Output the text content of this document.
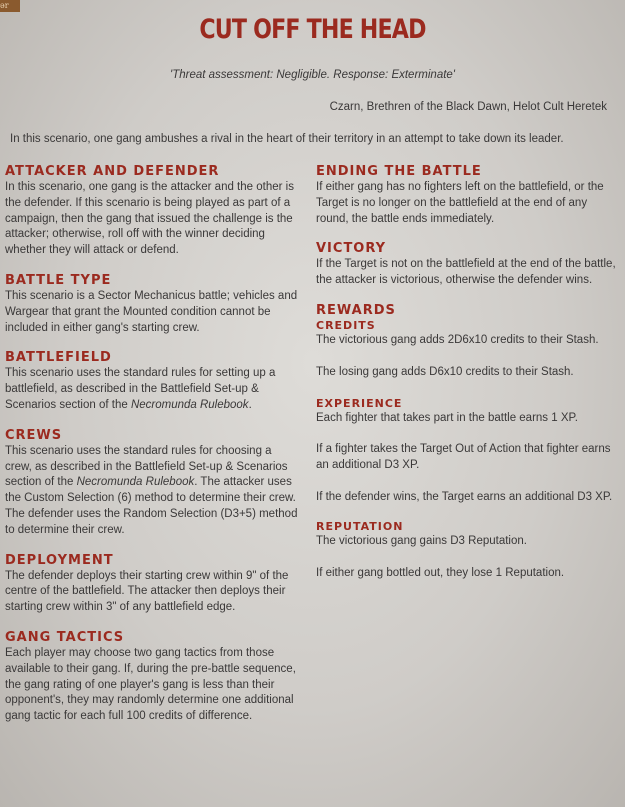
ər
CUT OFF THE HEAD

'Threat assessment: Negligible. Response: Exterminate'

Czarn, Brethren of the Black Dawn, Helot Cult Heretek

In this scenario, one gang ambushes a rival in the heart of their territory in an attempt to take down its leader.

ATTACKER AND DEFENDER

In this scenario, one gang is the attacker and the other is the defender. If this scenario is being played as part of a campaign, then the gang that issued the challenge is the attacker; otherwise, roll off with the winner deciding whether they will attack or defend.

BATTLE TYPE

This scenario is a Sector Mechanicus battle; vehicles and Wargear that grant the Mounted condition cannot be included in either gang's starting crew.

BATTLEFIELD

This scenario uses the standard rules for setting up a battlefield, as described in the Battlefield Set-up & Scenarios section of the Necromunda Rulebook.

CREWS

This scenario uses the standard rules for choosing a crew, as described in the Battlefield Set-up & Scenarios section of the Necromunda Rulebook. The attacker uses the Custom Selection (6) method to determine their crew. The defender uses the Random Selection (D3+5) method to determine their crew.

DEPLOYMENT

The defender deploys their starting crew within 9" of the centre of the battlefield. The attacker then deploys their starting crew within 3" of any battlefield edge.

GANG TACTICS

Each player may choose two gang tactics from those available to their gang. If, during the pre-battle sequence, the gang rating of one player's gang is less than their opponent's, they may randomly determine one additional gang tactic for each full 100 credits of difference.

ENDING THE BATTLE

If either gang has no fighters left on the battlefield, or the Target is no longer on the battlefield at the end of any round, the battle ends immediately.

VICTORY

If the Target is not on the battlefield at the end of the battle, the attacker is victorious, otherwise the defender wins.

REWARDS
CREDITS

The victorious gang adds 2D6x10 credits to their Stash.

The losing gang adds D6x10 credits to their Stash.

EXPERIENCE

Each fighter that takes part in the battle earns 1 XP.

If a fighter takes the Target Out of Action that fighter earns an additional D3 XP.

If the defender wins, the Target earns an additional D3 XP.

REPUTATION

The victorious gang gains D3 Reputation.

If either gang bottled out, they lose 1 Reputation.
